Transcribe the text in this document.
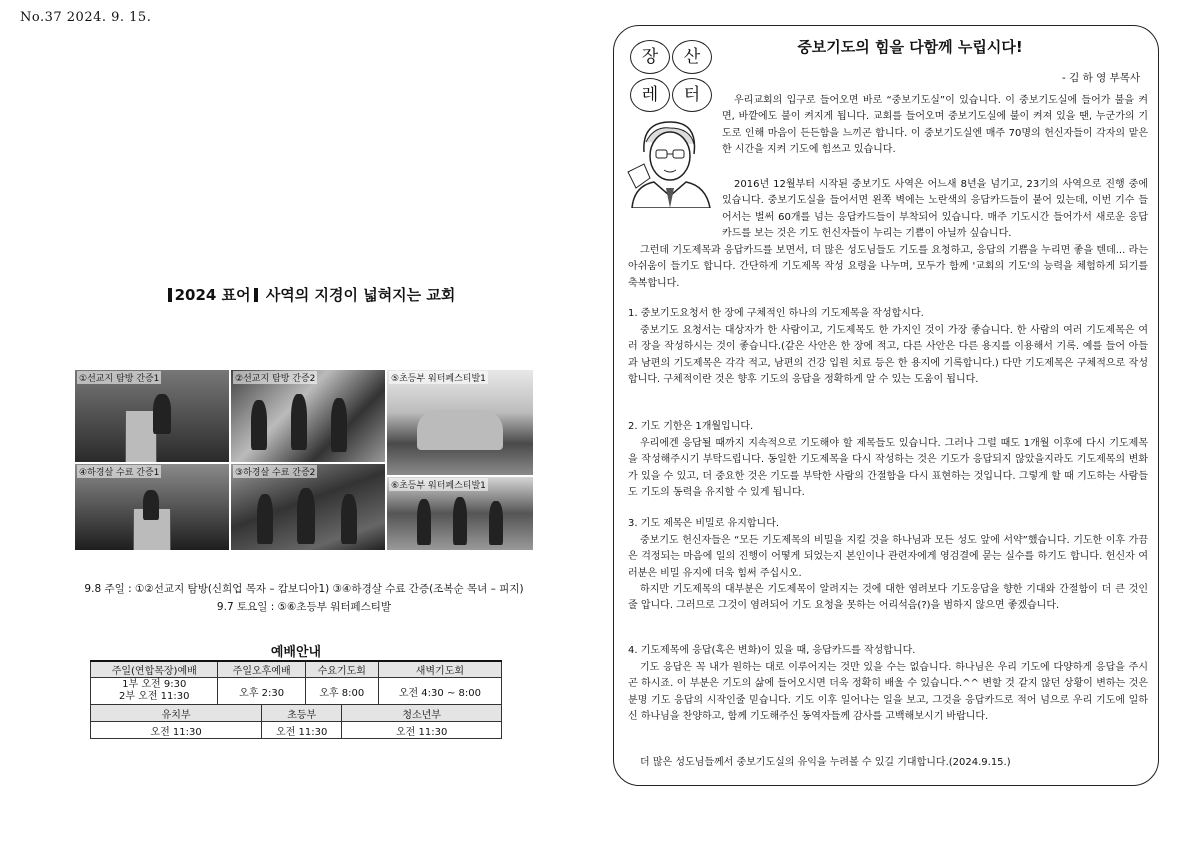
No.37 2024. 9. 15.
2024 표어 사역의 지경이 넓혀지는 교회
①선교지 탐방 간증1	②선교지 탐방 간증2	⑤초등부 워터페스티발1
④하경살 수료 간증1	③하경살 수료 간증2
⑥초등부 워터페스티발1
9.8 주일 : ①②선교지 탐방(신희업 목자 – 캄보디아1) ③④하경살 수료 간증(조복순 목녀 – 피지)
9.7 토요일 : ⑤⑥초등부 워터페스티발
예배안내					
주일(연합목장)예배	주일오후예배		수요기도회		새벽기도회
1부 오전 9:30
2부 오전 11:30	오후 2:30		오후 8:00		오전 4:30 ~ 8:00
유치부		초등부		청소년부	
오전 11:30		오전 11:30		오전 11:30	
장	산
레	터
중보기도의 힘을 다함께 누립시다!
- 김 하 영 부목사

우리교회의 입구로 들어오면 바로 “중보기도실”이 있습니다. 이 중보기도실에 들어가 불을 켜면, 바깥에도 불이 켜지게 됩니다. 교회를 들어오며 중보기도실에 불이 켜져 있을 땐, 누군가의 기도로 인해 마음이 든든함을 느끼곤 합니다. 이 중보기도실엔 매주 70명의 헌신자들이 각자의 맡은 한 시간을 지켜 기도에 힘쓰고 있습니다.

2016년 12월부터 시작된 중보기도 사역은 어느새 8년을 넘기고, 23기의 사역으로 진행 중에 있습니다. 중보기도실을 들어서면 왼쪽 벽에는 노란색의 응답카드들이 붙어 있는데, 이번 기수 들어서는 벌써 60개를 넘는 응답카드들이 부착되어 있습니다. 매주 기도시간 들어가서 새로운 응답카드를 보는 것은 기도 헌신자들이 누리는 기쁨이 아닐까 싶습니다.

그런데 기도제목과 응답카드를 보면서, 더 많은 성도님들도 기도를 요청하고, 응답의 기쁨을 누리면 좋을 텐데... 라는 아쉬움이 들기도 합니다. 간단하게 기도제목 작성 요령을 나누며, 모두가 함께 '교회의 기도'의 능력을 체험하게 되기를 축복합니다.

1. 중보기도요청서 한 장에 구체적인 하나의 기도제목을 작성합시다.

중보기도 요청서는 대상자가 한 사람이고, 기도제목도 한 가지인 것이 가장 좋습니다. 한 사람의 여러 기도제목은 여러 장을 작성하시는 것이 좋습니다.(같은 사안은 한 장에 적고, 다른 사안은 다른 용지를 이용해서 기록. 예를 들어 아들과 남편의 기도제목은 각각 적고, 남편의 건강 입원 치료 등은 한 용지에 기록합니다.) 다만 기도제목은 구체적으로 작성합니다. 구체적이란 것은 향후 기도의 응답을 정확하게 알 수 있는 도움이 됩니다.

2. 기도 기한은 1개월입니다.

우리에겐 응답될 때까지 지속적으로 기도해야 할 제목들도 있습니다. 그러나 그럴 때도 1개월 이후에 다시 기도제목을 작성해주시기 부탁드립니다. 동일한 기도제목을 다시 작성하는 것은 기도가 응답되지 않았을지라도 기도제목의 변화가 있을 수 있고, 더 중요한 것은 기도를 부탁한 사람의 간절함을 다시 표현하는 것입니다. 그렇게 할 때 기도하는 사람들도 기도의 동력을 유지할 수 있게 됩니다.

3. 기도 제목은 비밀로 유지합니다.

중보기도 헌신자들은 “모든 기도제목의 비밀을 지킬 것을 하나님과 모든 성도 앞에 서약”했습니다. 기도한 이후 가끔은 걱정되는 마음에 일의 진행이 어떻게 되었는지 본인이나 관련자에게 영검결에 묻는 실수를 하기도 합니다. 헌신자 여러분은 비밀 유지에 더욱 힘써 주십시오.

하지만 기도제목의 대부분은 기도제목이 알려지는 것에 대한 염려보다 기도응답을 향한 기대와 간절함이 더 큰 것인 줄 압니다. 그러므로 그것이 염려되어 기도 요청을 못하는 어리석음(?)을 범하지 않으면 좋겠습니다.

4. 기도제목에 응답(혹은 변화)이 있을 때, 응답카드를 작성합니다.

기도 응답은 꼭 내가 원하는 대로 이루어지는 것만 있을 수는 없습니다. 하나님은 우리 기도에 다양하게 응답을 주시곤 하시죠. 이 부분은 기도의 삶에 들어오시면 더욱 정확히 배울 수 있습니다.^^ 변할 것 같지 않던 상황이 변하는 것은 분명 기도 응답의 시작인줄 믿습니다. 기도 이후 일어나는 일을 보고, 그것을 응답카드로 적어 넘으로 우리 기도에 일하신 하나님을 찬양하고, 함께 기도해주신 동역자들께 감사를 고백해보시기 바랍니다.

더 많은 성도님들께서 중보기도실의 유익을 누려볼 수 있길 기대합니다.(2024.9.15.)
